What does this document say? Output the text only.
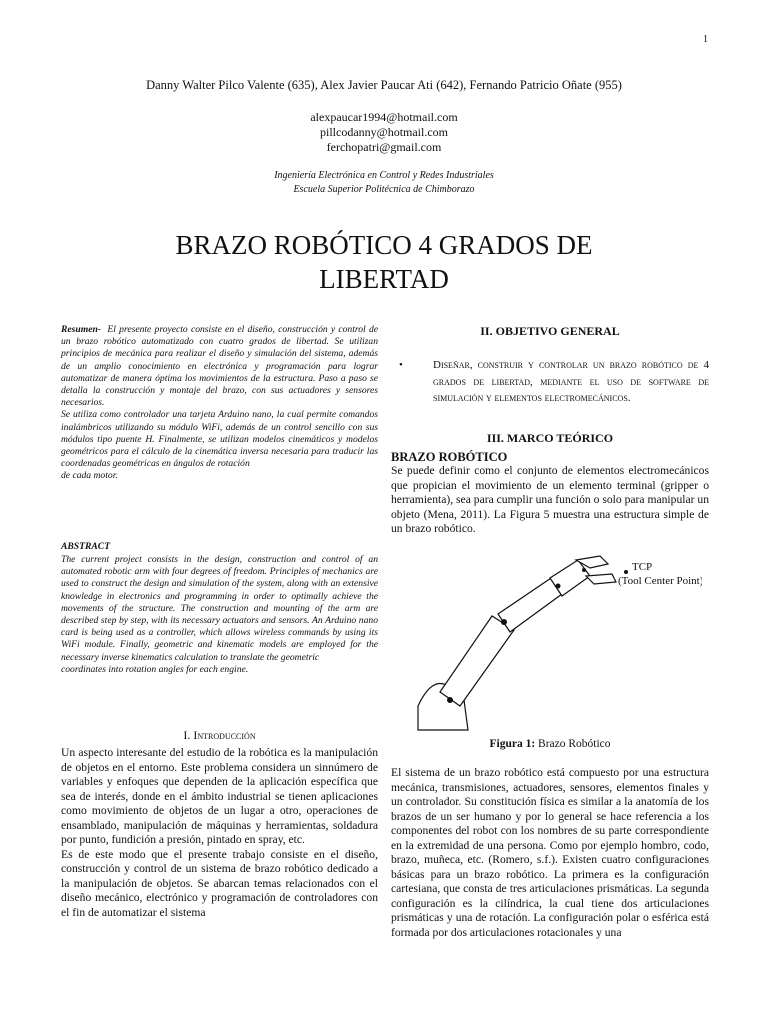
1
Danny Walter Pilco Valente (635), Alex Javier Paucar Ati (642), Fernando Patricio Oñate (955)
alexpaucar1994@hotmail.com
pillcodanny@hotmail.com
ferchopatri@gmail.com
Ingeniería Electrónica en Control y Redes Industriales
Escuela Superior Politécnica de Chimborazo
BRAZO ROBÓTICO 4 GRADOS DE
LIBERTAD

Resumen- El presente proyecto consiste en el diseño, construcción y control de un brazo robótico automatizado con cuatro grados de libertad. Se utilizan principios de mecánica para realizar el diseño y simulación del sistema, además de un amplio conocimiento en electrónica y programación para lograr automatizar de manera óptima los movimientos de la estructura. Paso a paso se detalla la construcción y montaje del brazo, con sus actuadores y sensores necesarios.

Se utiliza como controlador una tarjeta Arduino nano, la cual permite comandos inalámbricos utilizando su módulo WiFi, además de un control sencillo con sus módulos tipo puente H. Finalmente, se utilizan modelos cinemáticos y modelos geométricos para el cálculo de la cinemática inversa necesaria para traducir las coordenadas geométricas en ángulos de rotación

de cada motor.

ABSTRACT

The current project consists in the design, construction and control of an automated robotic arm with four degrees of freedom. Principles of mechanics are used to construct the design and simulation of the system, along with an extensive knowledge in electronics and programming in order to optimally achieve the movements of the structure. The construction and mounting of the arm are described step by step, with its necessary actuators and sensors. An Arduino nano card is being used as a controller, which allows wireless commands by using its WiFi module. Finally, geometric and kinematic models are employed for the necessary inverse kinematics calculation to translate the geometric

coordinates into rotation angles for each engine.

I. Introducción

Un aspecto interesante del estudio de la robótica es la manipulación de objetos en el entorno. Este problema considera un sinnúmero de variables y enfoques que dependen de la aplicación específica que sea de interés, donde en el ámbito industrial se tienen aplicaciones como movimiento de objetos de un lugar a otro, operaciones de ensamblado, manipulación de máquinas y herramientas, soldadura por punto, fundición a presión, pintado en spray, etc.

Es de este modo que el presente trabajo consiste en el diseño, construcción y control de un sistema de brazo robótico dedicado a la manipulación de objetos. Se abarcan temas relacionados con el diseño mecánico, electrónico y programación de controladores con el fin de automatizar el sistema

II. OBJETIVO GENERAL
•	Diseñar, construir y controlar un brazo robótico de 4 grados de libertad, mediante el uso de software de simulación y elementos electromecánicos.
III. MARCO TEÓRICO
BRAZO ROBÓTICO
Se puede definir como el conjunto de elementos electromecánicos que propician el movimiento de un elemento terminal (gripper o herramienta), sea para cumplir una función o solo para manipular un objeto (Mena, 2011). La Figura 5 muestra una estructura simple de un brazo robótico.
TCP
(Tool Center Point)
Figura 1: Brazo Robótico
El sistema de un brazo robótico está compuesto por una estructura mecánica, transmisiones, actuadores, sensores, elementos finales y un controlador. Su constitución física es similar a la anatomía de los brazos de un ser humano y por lo general se hace referencia a los componentes del robot con los nombres de su parte correspondiente en la extremidad de una persona. Como por ejemplo hombro, codo, brazo, muñeca, etc. (Romero, s.f.). Existen cuatro configuraciones básicas para un brazo robótico. La primera es la configuración cartesiana, que consta de tres articulaciones prismáticas. La segunda configuración es la cilíndrica, la cual tiene dos articulaciones prismáticas y una de rotación. La configuración polar o esférica está formada por dos articulaciones rotacionales y una
